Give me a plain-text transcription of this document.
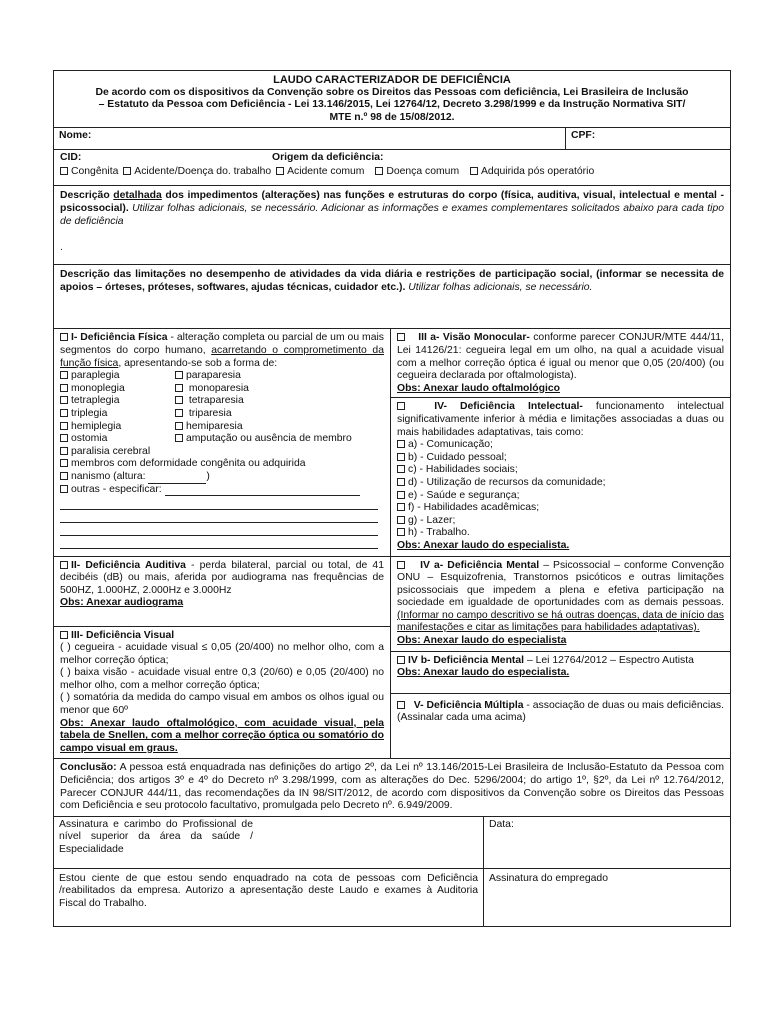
LAUDO CARACTERIZADOR DE DEFICIÊNCIA
De acordo com os dispositivos da Convenção sobre os Direitos das Pessoas com deficiência, Lei Brasileira de Inclusão
– Estatuto da Pessoa com Deficiência - Lei 13.146/2015, Lei 12764/12, Decreto 3.298/1999 e da Instrução Normativa SIT/
MTE n.º 98 de 15/08/2012.
Nome:	CPF:
CID:	Origem da deficiência:
Congênita Acidente/Doença do. trabalho Acidente comum Doença comum Adquirida pós operatório
Descrição detalhada dos impedimentos (alterações) nas funções e estruturas do corpo (física, auditiva, visual, intelectual e mental - psicossocial). Utilizar folhas adicionais, se necessário. Adicionar as informações e exames complementares solicitados abaixo para cada tipo de deficiência
.
Descrição das limitações no desempenho de atividades da vida diária e restrições de participação social, (informar se necessita de apoios – órteses, próteses, softwares, ajudas técnicas, cuidador etc.). Utilizar folhas adicionais, se necessário.
I- Deficiência Física - alteração completa ou parcial de um ou mais segmentos do corpo humano, acarretando o comprometimento da função física, apresentando-se sob a forma de:
paraplegia	paraparesia
monoplegia	monoparesia
tetraplegia	tetraparesia
triplegia	triparesia
hemiplegia	hemiparesia
ostomia	amputação ou ausência de membro
paralisia cerebral
membros com deformidade congênita ou adquirida
nanismo (altura:	)
outras - especificar:
III a- Visão Monocular- conforme parecer CONJUR/MTE 444/11, Lei 14126/21: cegueira legal em um olho, na qual a acuidade visual com a melhor correção óptica é igual ou menor que 0,05 (20/400) (ou cegueira declarada por oftalmologista).
Obs: Anexar laudo oftalmológico
IV- Deficiência Intelectual- funcionamento intelectual significativamente inferior à média e limitações associadas a duas ou mais habilidades adaptativas, tais como:
a) - Comunicação;
b) - Cuidado pessoal;
c) - Habilidades sociais;
d) - Utilização de recursos da comunidade;
e) - Saúde e segurança;
f) - Habilidades acadêmicas;
g) - Lazer;
h) - Trabalho.
Obs: Anexar laudo do especialista.
II- Deficiência Auditiva - perda bilateral, parcial ou total, de 41 decibéis (dB) ou mais, aferida por audiograma nas frequências de 500HZ, 1.000HZ, 2.000Hz e 3.000Hz
Obs: Anexar audiograma
III- Deficiência Visual
( ) cegueira - acuidade visual ≤ 0,05 (20/400) no melhor olho, com a melhor correção óptica;
( ) baixa visão - acuidade visual entre 0,3 (20/60) e 0,05 (20/400) no melhor olho, com a melhor correção óptica;
( ) somatória da medida do campo visual em ambos os olhos igual ou menor que 60º
Obs: Anexar laudo oftalmológico, com acuidade visual, pela tabela de Snellen, com a melhor correção óptica ou somatório do campo visual em graus.
IV a- Deficiência Mental – Psicossocial – conforme Convenção ONU – Esquizofrenia, Transtornos psicóticos e outras limitações psicossociais que impedem a plena e efetiva participação na sociedade em igualdade de oportunidades com as demais pessoas. (Informar no campo descritivo se há outras doenças, data de início das manifestações e citar as limitações para habilidades adaptativas).
Obs: Anexar laudo do especialista
IV b- Deficiência Mental – Lei 12764/2012 – Espectro Autista
Obs: Anexar laudo do especialista.
V- Deficiência Múltipla - associação de duas ou mais deficiências. (Assinalar cada uma acima)
Conclusão: A pessoa está enquadrada nas definições do artigo 2º, da Lei nº 13.146/2015-Lei Brasileira de Inclusão-Estatuto da Pessoa com Deficiência; dos artigos 3º e 4º do Decreto nº 3.298/1999, com as alterações do Dec. 5296/2004; do artigo 1º, §2º, da Lei nº 12.764/2012, Parecer CONJUR 444/11, das recomendações da IN 98/SIT/2012, de acordo com dispositivos da Convenção sobre os Direitos das Pessoas com Deficiência e seu protocolo facultativo, promulgada pelo Decreto nº. 6.949/2009.
Assinatura e carimbo do Profissional de nível superior da área da saúde / Especialidade
Data:
Estou ciente de que estou sendo enquadrado na cota de pessoas com Deficiência /reabilitados da empresa. Autorizo a apresentação deste Laudo e exames à Auditoria Fiscal do Trabalho.
Assinatura do empregado
